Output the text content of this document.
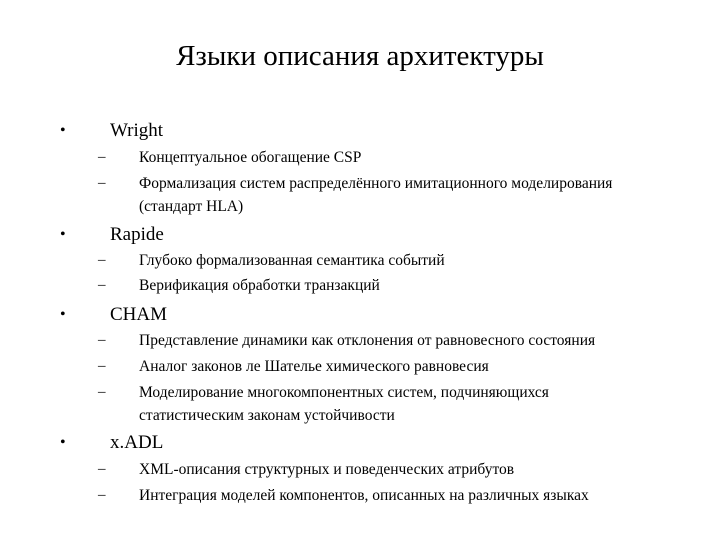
Языки описания архитектуры
• Wright
– Концептуальное обогащение CSP
– Формализация систем распределённого имитационного моделирования
(стандарт HLA)
• Rapide
– Глубоко формализованная семантика событий
– Верификация обработки транзакций
• CHAM
– Представление динамики как отклонения от равновесного состояния
– Аналог законов ле Шателье химического равновесия
– Моделирование многокомпонентных систем, подчиняющихся
статистическим законам устойчивости
• x.ADL
– XML-описания структурных и поведенческих атрибутов
– Интеграция моделей компонентов, описанных на различных языках
